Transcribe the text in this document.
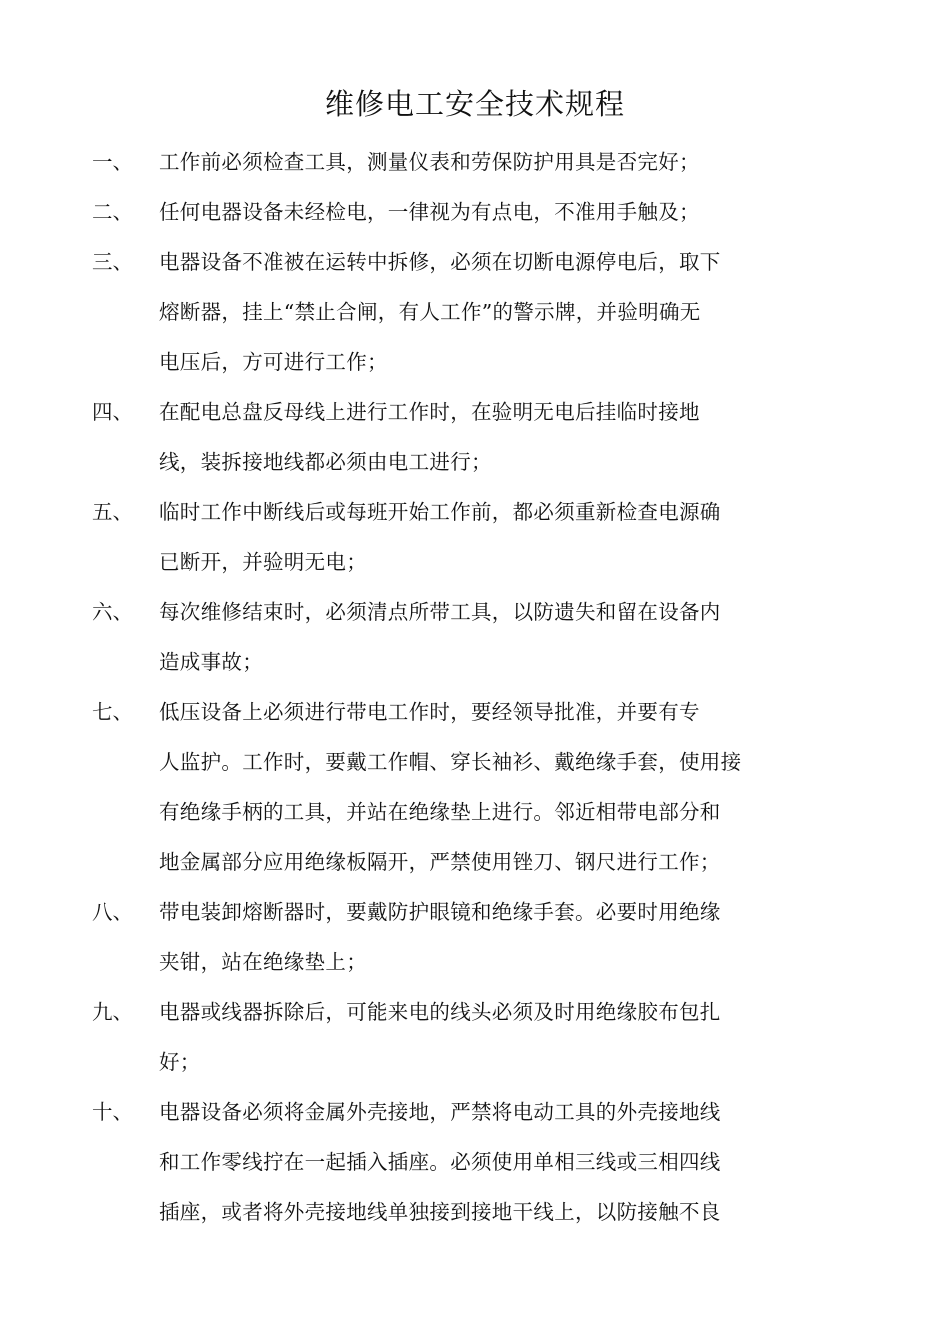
维修电工安全技术规程
一、	工作前必须检查工具，测量仪表和劳保防护用具是否完好；
二、	任何电器设备未经检电，一律视为有点电，不准用手触及；
三、	电器设备不准被在运转中拆修，必须在切断电源停电后，取下
熔断器，挂上“禁止合闸，有人工作”的警示牌，并验明确无
电压后，方可进行工作；
四、	在配电总盘反母线上进行工作时，在验明无电后挂临时接地
线，装拆接地线都必须由电工进行；
五、	临时工作中断线后或每班开始工作前，都必须重新检查电源确
已断开，并验明无电；
六、	每次维修结束时，必须清点所带工具，以防遗失和留在设备内
造成事故；
七、	低压设备上必须进行带电工作时，要经领导批准，并要有专
人监护。工作时，要戴工作帽、穿长袖衫、戴绝缘手套，使用接
有绝缘手柄的工具，并站在绝缘垫上进行。邻近相带电部分和
地金属部分应用绝缘板隔开，严禁使用锉刀、钢尺进行工作；
八、	带电装卸熔断器时，要戴防护眼镜和绝缘手套。必要时用绝缘
夹钳，站在绝缘垫上；
九、	电器或线器拆除后，可能来电的线头必须及时用绝缘胶布包扎
好；
十、	电器设备必须将金属外壳接地，严禁将电动工具的外壳接地线
和工作零线拧在一起插入插座。必须使用单相三线或三相四线
插座，或者将外壳接地线单独接到接地干线上，以防接触不良
